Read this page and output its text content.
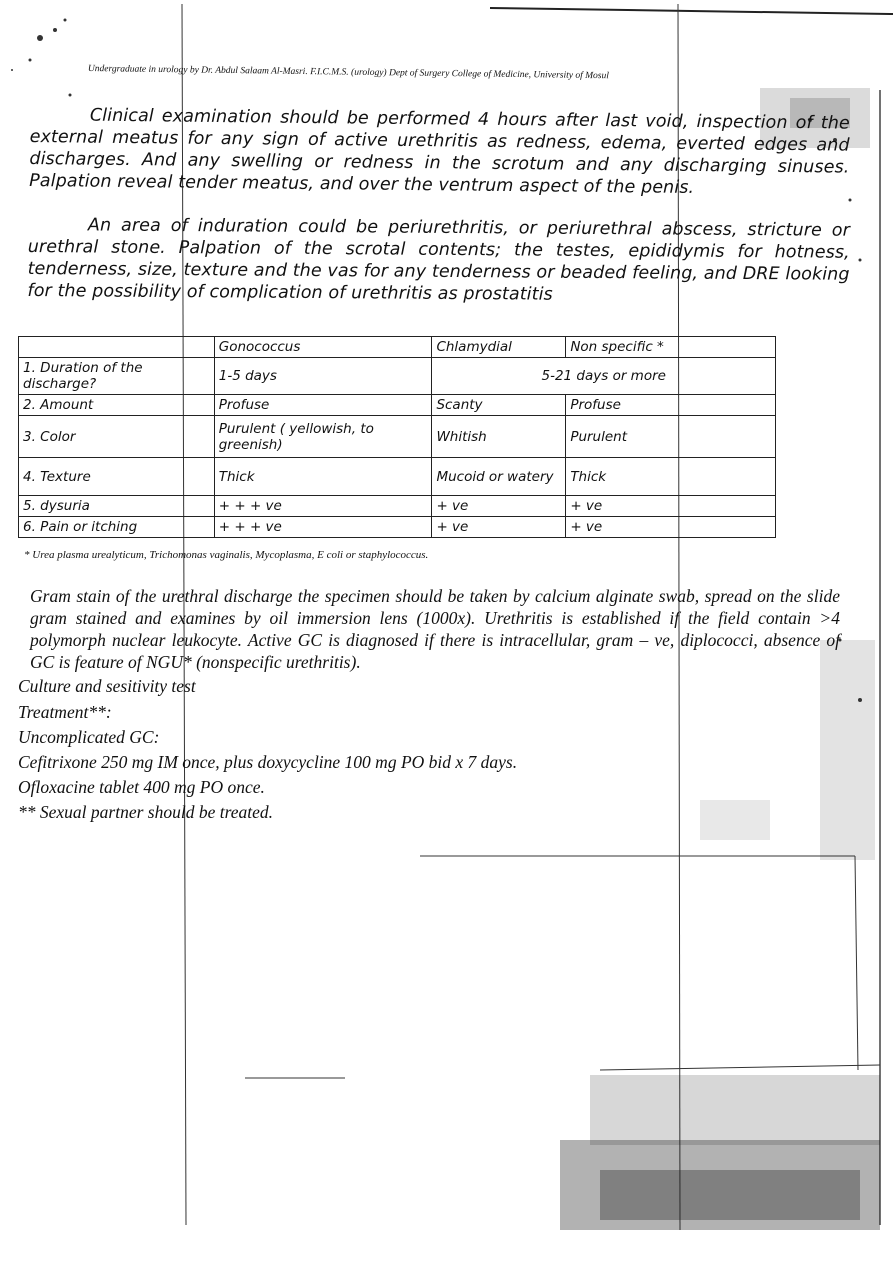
Undergraduate in urology by Dr. Abdul Salaam Al-Masri. F.I.C.M.S. (urology) Dept of Surgery College of Medicine, University of Mosul
Clinical examination should be performed 4 hours after last void, inspection of the external meatus for any sign of active urethritis as redness, edema, everted edges and discharges. And any swelling or redness in the scrotum and any discharging sinuses. Palpation reveal tender meatus, and over the ventrum aspect of the penis.
An area of induration could be periurethritis, or periurethral abscess, stricture or urethral stone. Palpation of the scrotal contents; the testes, epididymis for hotness, tenderness, size, texture and the vas for any tenderness or beaded feeling, and DRE looking for the possibility of complication of urethritis as prostatitis
	Gonococcus	Chlamydial	Non specific *
1. Duration of the discharge?	1-5 days	5-21 days or more	
2. Amount	Profuse	Scanty	Profuse
3. Color	Purulent ( yellowish, to greenish)	Whitish	Purulent
4. Texture	Thick	Mucoid or watery	Thick
5. dysuria	+ + + ve	+ ve	+ ve
6. Pain or itching	+ + + ve	+ ve	+ ve
* Urea plasma urealyticum, Trichomonas vaginalis, Mycoplasma, E coli or staphylococcus.
Gram stain of the urethral discharge the specimen should be taken by calcium alginate swab, spread on the slide gram stained and examines by oil immersion lens (1000x). Urethritis is established if the field contain >4 polymorph nuclear leukocyte. Active GC is diagnosed if there is intracellular, gram – ve, diplococci, absence of GC is feature of NGU* (nonspecific urethritis).
Culture and sesitivity test
Treatment**:
Uncomplicated GC:
Cefitrixone 250 mg IM once, plus doxycycline 100 mg PO bid x 7 days.
Ofloxacine tablet 400 mg PO once.
** Sexual partner should be treated.
